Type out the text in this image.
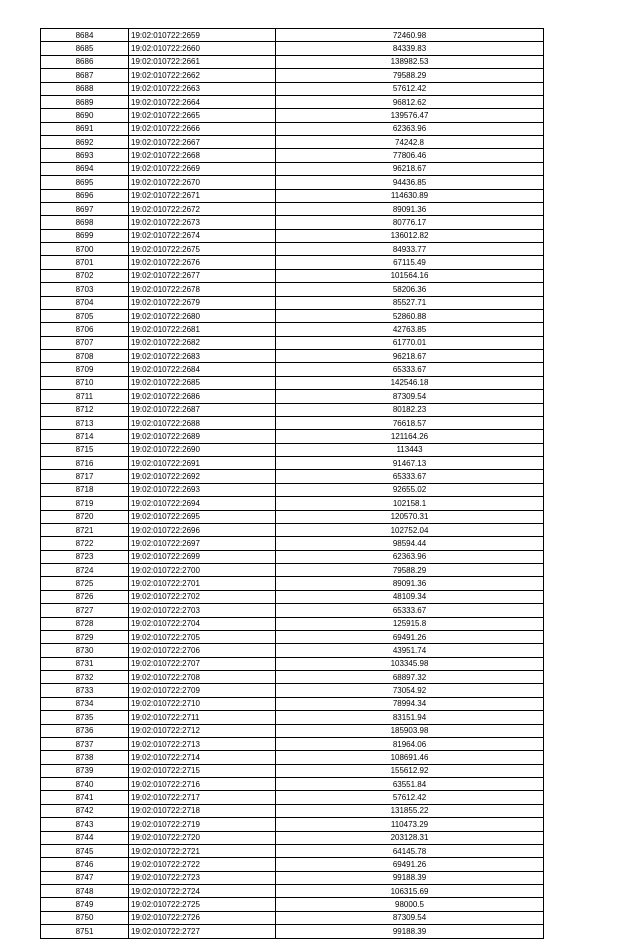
8684	19:02:010722:2659	72460.98
8685	19:02:010722:2660	84339.83
8686	19:02:010722:2661	138982.53
8687	19:02:010722:2662	79588.29
8688	19:02:010722:2663	57612.42
8689	19:02:010722:2664	96812.62
8690	19:02:010722:2665	139576.47
8691	19:02:010722:2666	62363.96
8692	19:02:010722:2667	74242.8
8693	19:02:010722:2668	77806.46
8694	19:02:010722:2669	96218.67
8695	19:02:010722:2670	94436.85
8696	19:02:010722:2671	114630.89
8697	19:02:010722:2672	89091.36
8698	19:02:010722:2673	80776.17
8699	19:02:010722:2674	136012.82
8700	19:02:010722:2675	84933.77
8701	19:02:010722:2676	67115.49
8702	19:02:010722:2677	101564.16
8703	19:02:010722:2678	58206.36
8704	19:02:010722:2679	85527.71
8705	19:02:010722:2680	52860.88
8706	19:02:010722:2681	42763.85
8707	19:02:010722:2682	61770.01
8708	19:02:010722:2683	96218.67
8709	19:02:010722:2684	65333.67
8710	19:02:010722:2685	142546.18
8711	19:02:010722:2686	87309.54
8712	19:02:010722:2687	80182.23
8713	19:02:010722:2688	76618.57
8714	19:02:010722:2689	121164.26
8715	19:02:010722:2690	113443
8716	19:02:010722:2691	91467.13
8717	19:02:010722:2692	65333.67
8718	19:02:010722:2693	92655.02
8719	19:02:010722:2694	102158.1
8720	19:02:010722:2695	120570.31
8721	19:02:010722:2696	102752.04
8722	19:02:010722:2697	98594.44
8723	19:02:010722:2699	62363.96
8724	19:02:010722:2700	79588.29
8725	19:02:010722:2701	89091.36
8726	19:02:010722:2702	48109.34
8727	19:02:010722:2703	65333.67
8728	19:02:010722:2704	125915.8
8729	19:02:010722:2705	69491.26
8730	19:02:010722:2706	43951.74
8731	19:02:010722:2707	103345.98
8732	19:02:010722:2708	68897.32
8733	19:02:010722:2709	73054.92
8734	19:02:010722:2710	78994.34
8735	19:02:010722:2711	83151.94
8736	19:02:010722:2712	185903.98
8737	19:02:010722:2713	81964.06
8738	19:02:010722:2714	108691.46
8739	19:02:010722:2715	155612.92
8740	19:02:010722:2716	63551.84
8741	19:02:010722:2717	57612.42
8742	19:02:010722:2718	131855.22
8743	19:02:010722:2719	110473.29
8744	19:02:010722:2720	203128.31
8745	19:02:010722:2721	64145.78
8746	19:02:010722:2722	69491.26
8747	19:02:010722:2723	99188.39
8748	19:02:010722:2724	106315.69
8749	19:02:010722:2725	98000.5
8750	19:02:010722:2726	87309.54
8751	19:02:010722:2727	99188.39
